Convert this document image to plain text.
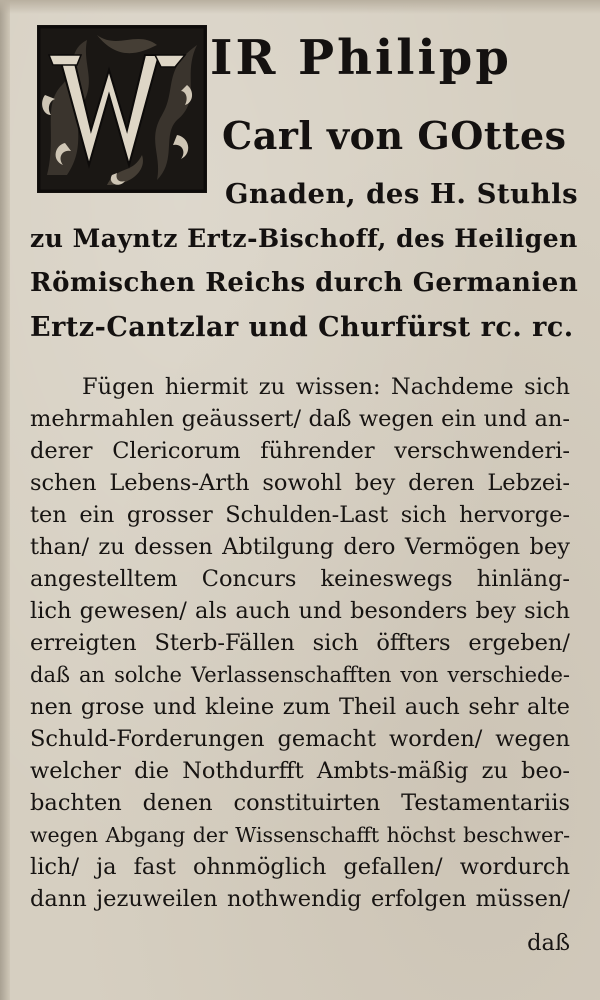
IR Philipp
Carl von GOttes
Gnaden, des H. Stuhls
zu Mayntz Ertz-Bischoff, des Heiligen
Römischen Reichs durch Germanien
Ertz-Cantzlar und Churfürst rc. rc.
Fügen hiermit zu wissen: Nachdeme sich
mehrmahlen geäussert/ daß wegen ein und an-
derer Clericorum führender verschwenderi-
schen Lebens-Arth sowohl bey deren Lebzei-
ten ein grosser Schulden-Last sich hervorge-
than/ zu dessen Abtilgung dero Vermögen bey
angestelltem Concurs keineswegs hinläng-
lich gewesen/ als auch und besonders bey sich
erreigten Sterb-Fällen sich öffters ergeben/
daß an solche Verlassenschafften von verschiede-
nen grose und kleine zum Theil auch sehr alte
Schuld-Forderungen gemacht worden/ wegen
welcher die Nothdurfft Ambts-mäßig zu beo-
bachten denen constituirten Testamentariis
wegen Abgang der Wissenschafft höchst beschwer-
lich/ ja fast ohnmöglich gefallen/ wordurch
dann jezuweilen nothwendig erfolgen müssen/
daß
